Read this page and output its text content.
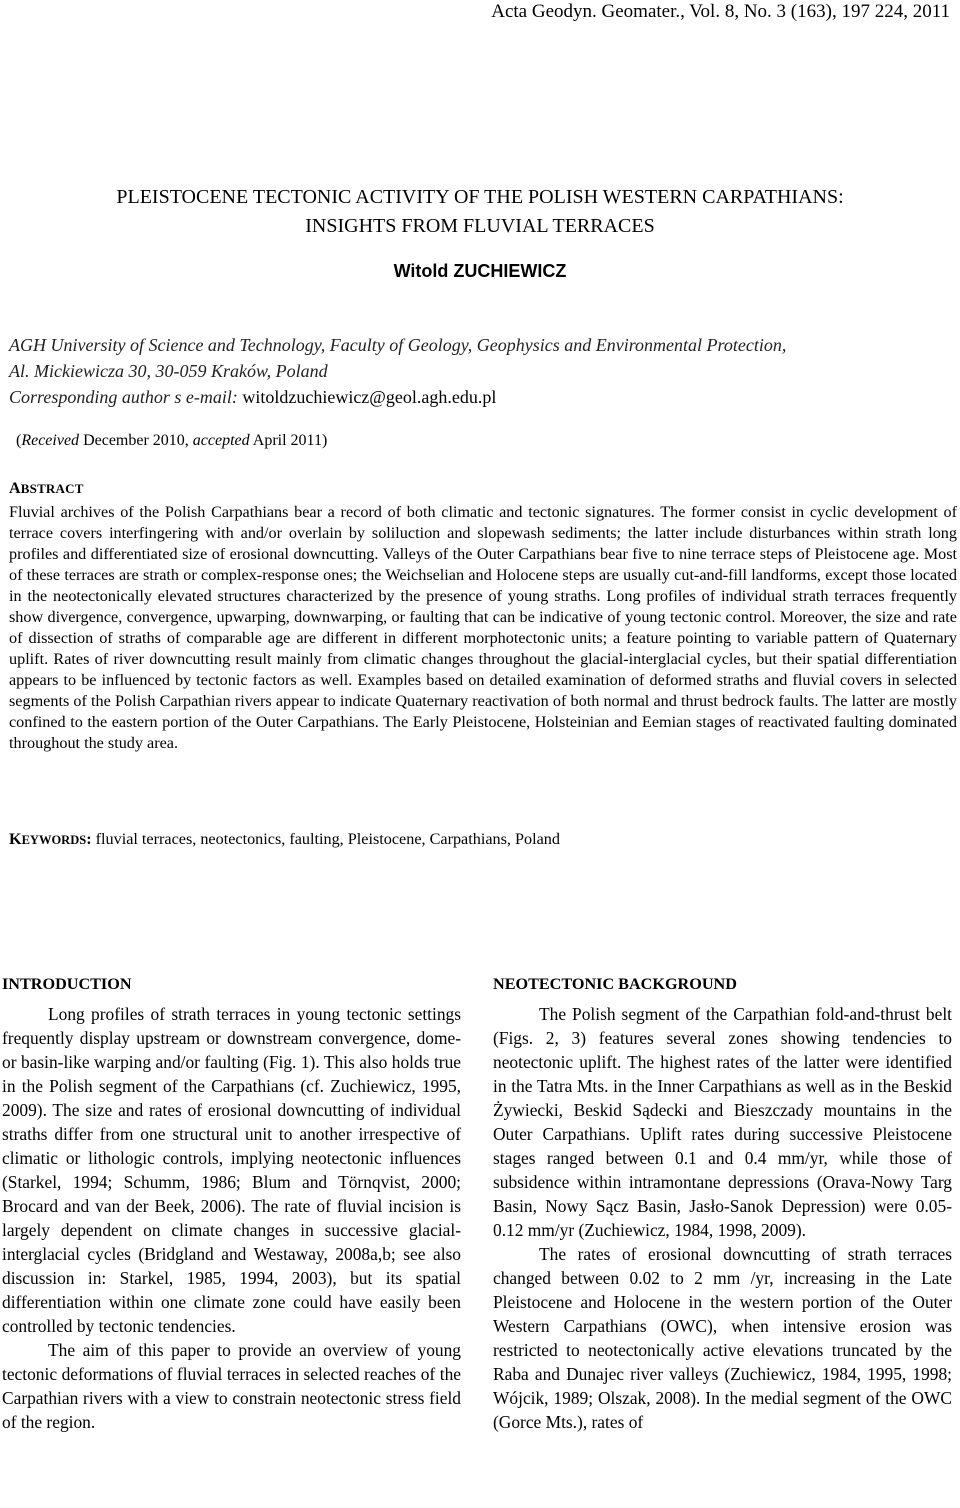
Acta Geodyn. Geomater., Vol. 8, No. 3 (163), 197 224, 2011
PLEISTOCENE TECTONIC ACTIVITY OF THE POLISH WESTERN CARPATHIANS:
INSIGHTS FROM FLUVIAL TERRACES
Witold ZUCHIEWICZ
AGH University of Science and Technology, Faculty of Geology, Geophysics and Environmental Protection,
Al. Mickiewicza 30, 30-059 Kraków, Poland
Corresponding author s e-mail: witoldzuchiewicz@geol.agh.edu.pl
(Received December 2010, accepted April 2011)
ABSTRACT

Fluvial archives of the Polish Carpathians bear a record of both climatic and tectonic signatures. The former consist in cyclic development of terrace covers interfingering with and/or overlain by soliluction and slopewash sediments; the latter include disturbances within strath long profiles and differentiated size of erosional downcutting. Valleys of the Outer Carpathians bear five to nine terrace steps of Pleistocene age. Most of these terraces are strath or complex-response ones; the Weichselian and Holocene steps are usually cut-and-fill landforms, except those located in the neotectonically elevated structures characterized by the presence of young straths. Long profiles of individual strath terraces frequently show divergence, convergence, upwarping, downwarping, or faulting that can be indicative of young tectonic control. Moreover, the size and rate of dissection of straths of comparable age are different in different morphotectonic units; a feature pointing to variable pattern of Quaternary uplift. Rates of river downcutting result mainly from climatic changes throughout the glacial-interglacial cycles, but their spatial differentiation appears to be influenced by tectonic factors as well. Examples based on detailed examination of deformed straths and fluvial covers in selected segments of the Polish Carpathian rivers appear to indicate Quaternary reactivation of both normal and thrust bedrock faults. The latter are mostly confined to the eastern portion of the Outer Carpathians. The Early Pleistocene, Holsteinian and Eemian stages of reactivated faulting dominated throughout the study area.

KEYWORDS: fluvial terraces, neotectonics, faulting, Pleistocene, Carpathians, Poland
INTRODUCTION

Long profiles of strath terraces in young tectonic settings frequently display upstream or downstream convergence, dome-or basin-like warping and/or faulting (Fig. 1). This also holds true in the Polish segment of the Carpathians (cf. Zuchiewicz, 1995, 2009). The size and rates of erosional downcutting of individual straths differ from one structural unit to another irrespective of climatic or lithologic controls, implying neotectonic influences (Starkel, 1994; Schumm, 1986; Blum and Törnqvist, 2000; Brocard and van der Beek, 2006). The rate of fluvial incision is largely dependent on climate changes in successive glacial-interglacial cycles (Bridgland and Westaway, 2008a,b; see also discussion in: Starkel, 1985, 1994, 2003), but its spatial differentiation within one climate zone could have easily been controlled by tectonic tendencies.

The aim of this paper to provide an overview of young tectonic deformations of fluvial terraces in selected reaches of the Carpathian rivers with a view to constrain neotectonic stress field of the region.

NEOTECTONIC BACKGROUND

The Polish segment of the Carpathian fold-and-thrust belt (Figs. 2, 3) features several zones showing tendencies to neotectonic uplift. The highest rates of the latter were identified in the Tatra Mts. in the Inner Carpathians as well as in the Beskid Żywiecki, Beskid Sądecki and Bieszczady mountains in the Outer Carpathians. Uplift rates during successive Pleistocene stages ranged between 0.1 and 0.4 mm/yr, while those of subsidence within intramontane depressions (Orava-Nowy Targ Basin, Nowy Sącz Basin, Jasło-Sanok Depression) were 0.05-0.12 mm/yr (Zuchiewicz, 1984, 1998, 2009).

The rates of erosional downcutting of strath terraces changed between 0.02 to 2 mm /yr, increasing in the Late Pleistocene and Holocene in the western portion of the Outer Western Carpathians (OWC), when intensive erosion was restricted to neotectonically active elevations truncated by the Raba and Dunajec river valleys (Zuchiewicz, 1984, 1995, 1998; Wójcik, 1989; Olszak, 2008). In the medial segment of the OWC (Gorce Mts.), rates of
